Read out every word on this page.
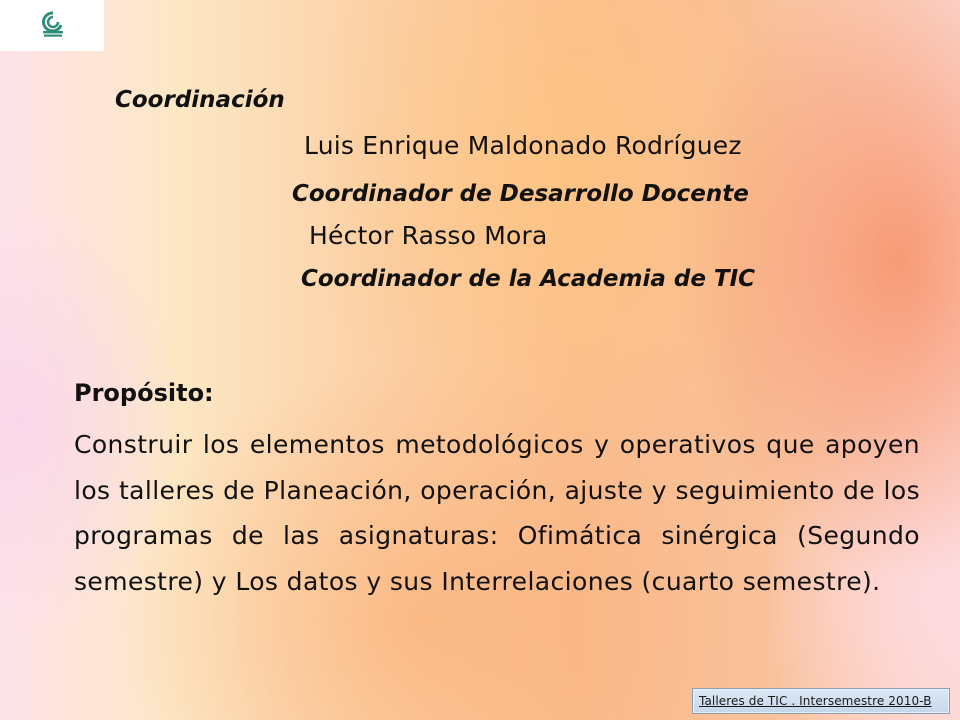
Coordinación
Luis Enrique Maldonado Rodríguez
Coordinador de Desarrollo Docente
Héctor Rasso Mora
Coordinador de la Academia de TIC
Propósito:

Construir los elementos metodológicos y operativos que apoyen los talleres de Planeación, operación, ajuste y seguimiento de los programas de las asignaturas: Ofimática sinérgica (Segundo semestre) y Los datos y sus Interrelaciones (cuarto semestre).

Talleres de TIC . Intersemestre 2010-B
